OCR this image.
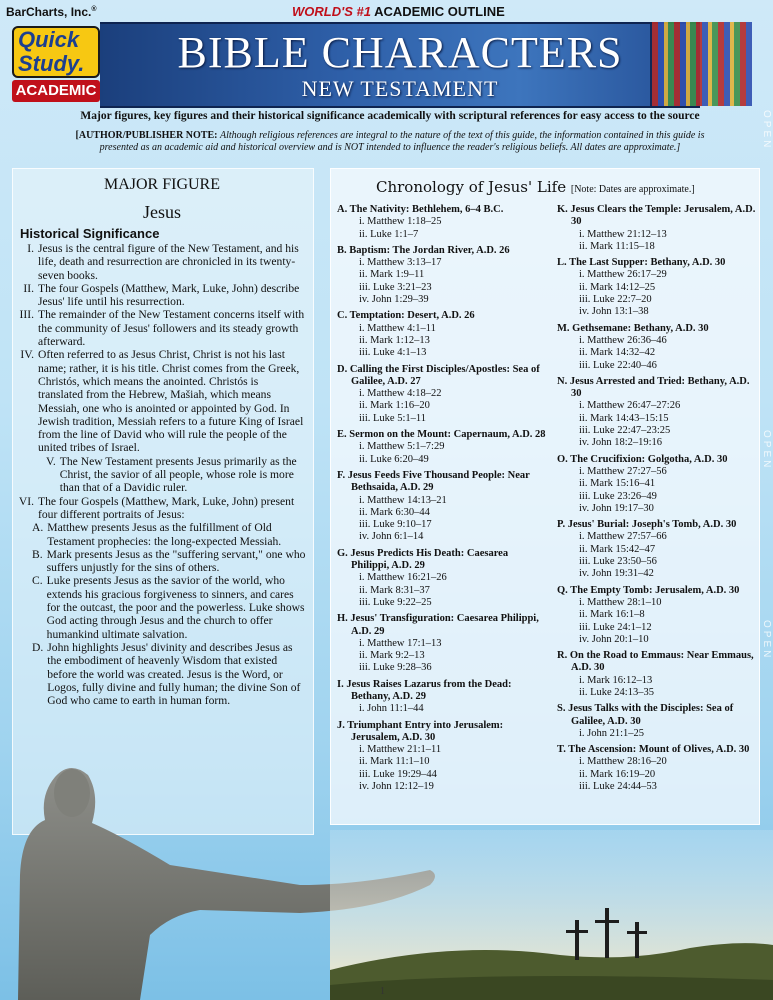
BarCharts, Inc.®	WORLD'S #1 ACADEMIC OUTLINE
BIBLE CHARACTERS
NEW TESTAMENT
Quick Study.
ACADEMIC
Major figures, key figures and their historical significance academically with scriptural references for easy access to the source
[AUTHOR/PUBLISHER NOTE: Although religious references are integral to the nature of the text of this guide, the information contained in this guide is presented as an academic aid and historical overview and is NOT intended to influence the reader's religious beliefs. All dates are approximate.]	OPEN
OPEN
OPEN
MAJOR FIGURE
Jesus
Historical Significance
I. Jesus is the central figure of the New Testament, and his life, death and resurrection are chronicled in its twenty-seven books.
II. The four Gospels (Matthew, Mark, Luke, John) describe Jesus' life until his resurrection.
III. The remainder of the New Testament concerns itself with the community of Jesus' followers and its steady growth afterward.
IV. Often referred to as Jesus Christ, Christ is not his last name; rather, it is his title. Christ comes from the Greek, Christós, which means the anointed. Christós is translated from the Hebrew, Mašiah, which means Messiah, one who is anointed or appointed by God. In Jewish tradition, Messiah refers to a future King of Israel from the line of David who will rule the people of the united tribes of Israel.
V. The New Testament presents Jesus primarily as the Christ, the savior of all people, whose role is more than that of a Davidic ruler.
VI. The four Gospels (Matthew, Mark, Luke, John) present four different portraits of Jesus:
A. Matthew presents Jesus as the fulfillment of Old Testament prophecies: the long-expected Messiah.
B. Mark presents Jesus as the "suffering servant," one who suffers unjustly for the sins of others.
C. Luke presents Jesus as the savior of the world, who extends his gracious forgiveness to sinners, and cares for the outcast, the poor and the powerless. Luke shows God acting through Jesus and the church to offer humankind ultimate salvation.
D. John highlights Jesus' divinity and describes Jesus as the embodiment of heavenly Wisdom that existed before the world was created. Jesus is the Word, or Logos, fully divine and fully human; the divine Son of God who came to earth in human form.
Chronology of Jesus' Life [Note: Dates are approximate.]
A. The Nativity: Bethlehem, 6–4 B.C.
i. Matthew 1:18–25
ii. Luke 1:1–7
B. Baptism: The Jordan River, A.D. 26
i. Matthew 3:13–17
ii. Mark 1:9–11
iii. Luke 3:21–23
iv. John 1:29–39
C. Temptation: Desert, A.D. 26
i. Matthew 4:1–11
ii. Mark 1:12–13
iii. Luke 4:1–13
D. Calling the First Disciples/Apostles: Sea of Galilee, A.D. 27
i. Matthew 4:18–22
ii. Mark 1:16–20
iii. Luke 5:1–11
E. Sermon on the Mount: Capernaum, A.D. 28
i. Matthew 5:1–7:29
ii. Luke 6:20–49
F. Jesus Feeds Five Thousand People: Near Bethsaida, A.D. 29
i. Matthew 14:13–21
ii. Mark 6:30–44
iii. Luke 9:10–17
iv. John 6:1–14
G. Jesus Predicts His Death: Caesarea Philippi, A.D. 29
i. Matthew 16:21–26
ii. Mark 8:31–37
iii. Luke 9:22–25
H. Jesus' Transfiguration: Caesarea Philippi, A.D. 29
i. Matthew 17:1–13
ii. Mark 9:2–13
iii. Luke 9:28–36
I. Jesus Raises Lazarus from the Dead: Bethany, A.D. 29
i. John 11:1–44
J. Triumphant Entry into Jerusalem: Jerusalem, A.D. 30
i. Matthew 21:1–11
ii. Mark 11:1–10
iii. Luke 19:29–44
iv. John 12:12–19
K. Jesus Clears the Temple: Jerusalem, A.D. 30
i. Matthew 21:12–13
ii. Mark 11:15–18
L. The Last Supper: Bethany, A.D. 30
i. Matthew 26:17–29
ii. Mark 14:12–25
iii. Luke 22:7–20
iv. John 13:1–38
M. Gethsemane: Bethany, A.D. 30
i. Matthew 26:36–46
ii. Mark 14:32–42
iii. Luke 22:40–46
N. Jesus Arrested and Tried: Bethany, A.D. 30
i. Matthew 26:47–27:26
ii. Mark 14:43–15:15
iii. Luke 22:47–23:25
iv. John 18:2–19:16
O. The Crucifixion: Golgotha, A.D. 30
i. Matthew 27:27–56
ii. Mark 15:16–41
iii. Luke 23:26–49
iv. John 19:17–30
P. Jesus' Burial: Joseph's Tomb, A.D. 30
i. Matthew 27:57–66
ii. Mark 15:42–47
iii. Luke 23:50–56
iv. John 19:31–42
Q. The Empty Tomb: Jerusalem, A.D. 30
i. Matthew 28:1–10
ii. Mark 16:1–8
iii. Luke 24:1–12
iv. John 20:1–10
R. On the Road to Emmaus: Near Emmaus, A.D. 30
i. Mark 16:12–13
ii. Luke 24:13–35
S. Jesus Talks with the Disciples: Sea of Galilee, A.D. 30
i. John 21:1–25
T. The Ascension: Mount of Olives, A.D. 30
i. Matthew 28:16–20
ii. Mark 16:19–20
iii. Luke 24:44–53
1
